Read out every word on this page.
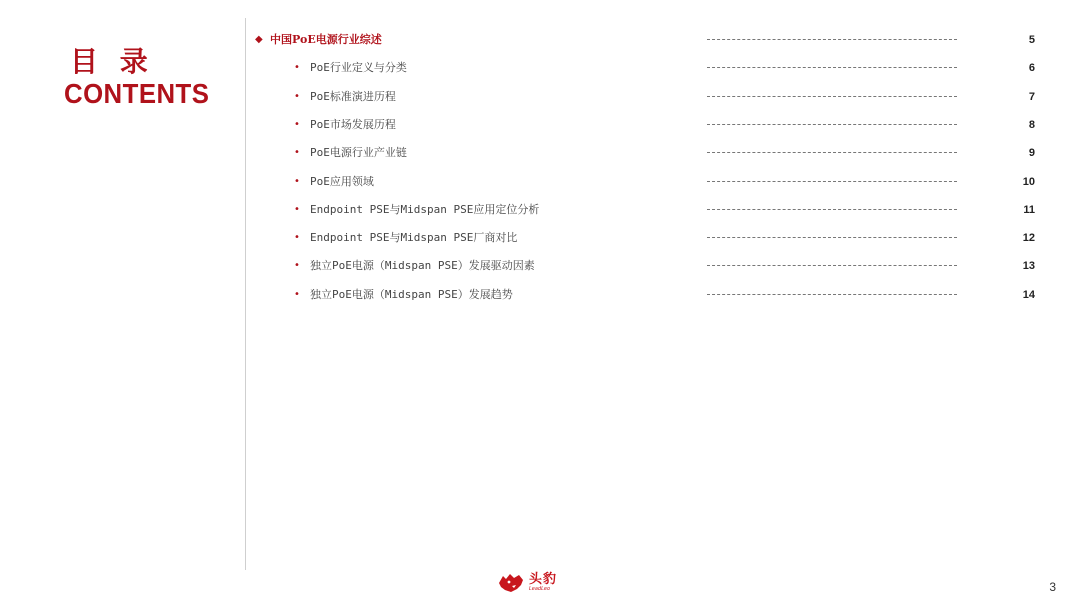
目 录
CONTENTS
◆ 中国PoE电源行业综述	5
• PoE行业定义与分类	6
• PoE标准演进历程	7
• PoE市场发展历程	8
• PoE电源行业产业链	9
• PoE应用领域	10
• Endpoint PSE与Midspan PSE应用定位分析	11
• Endpoint PSE与Midspan PSE厂商对比	12
• 独立PoE电源（Midspan PSE）发展驱动因素	13
• 独立PoE电源（Midspan PSE）发展趋势	14
头豹
LeadLeo	3
